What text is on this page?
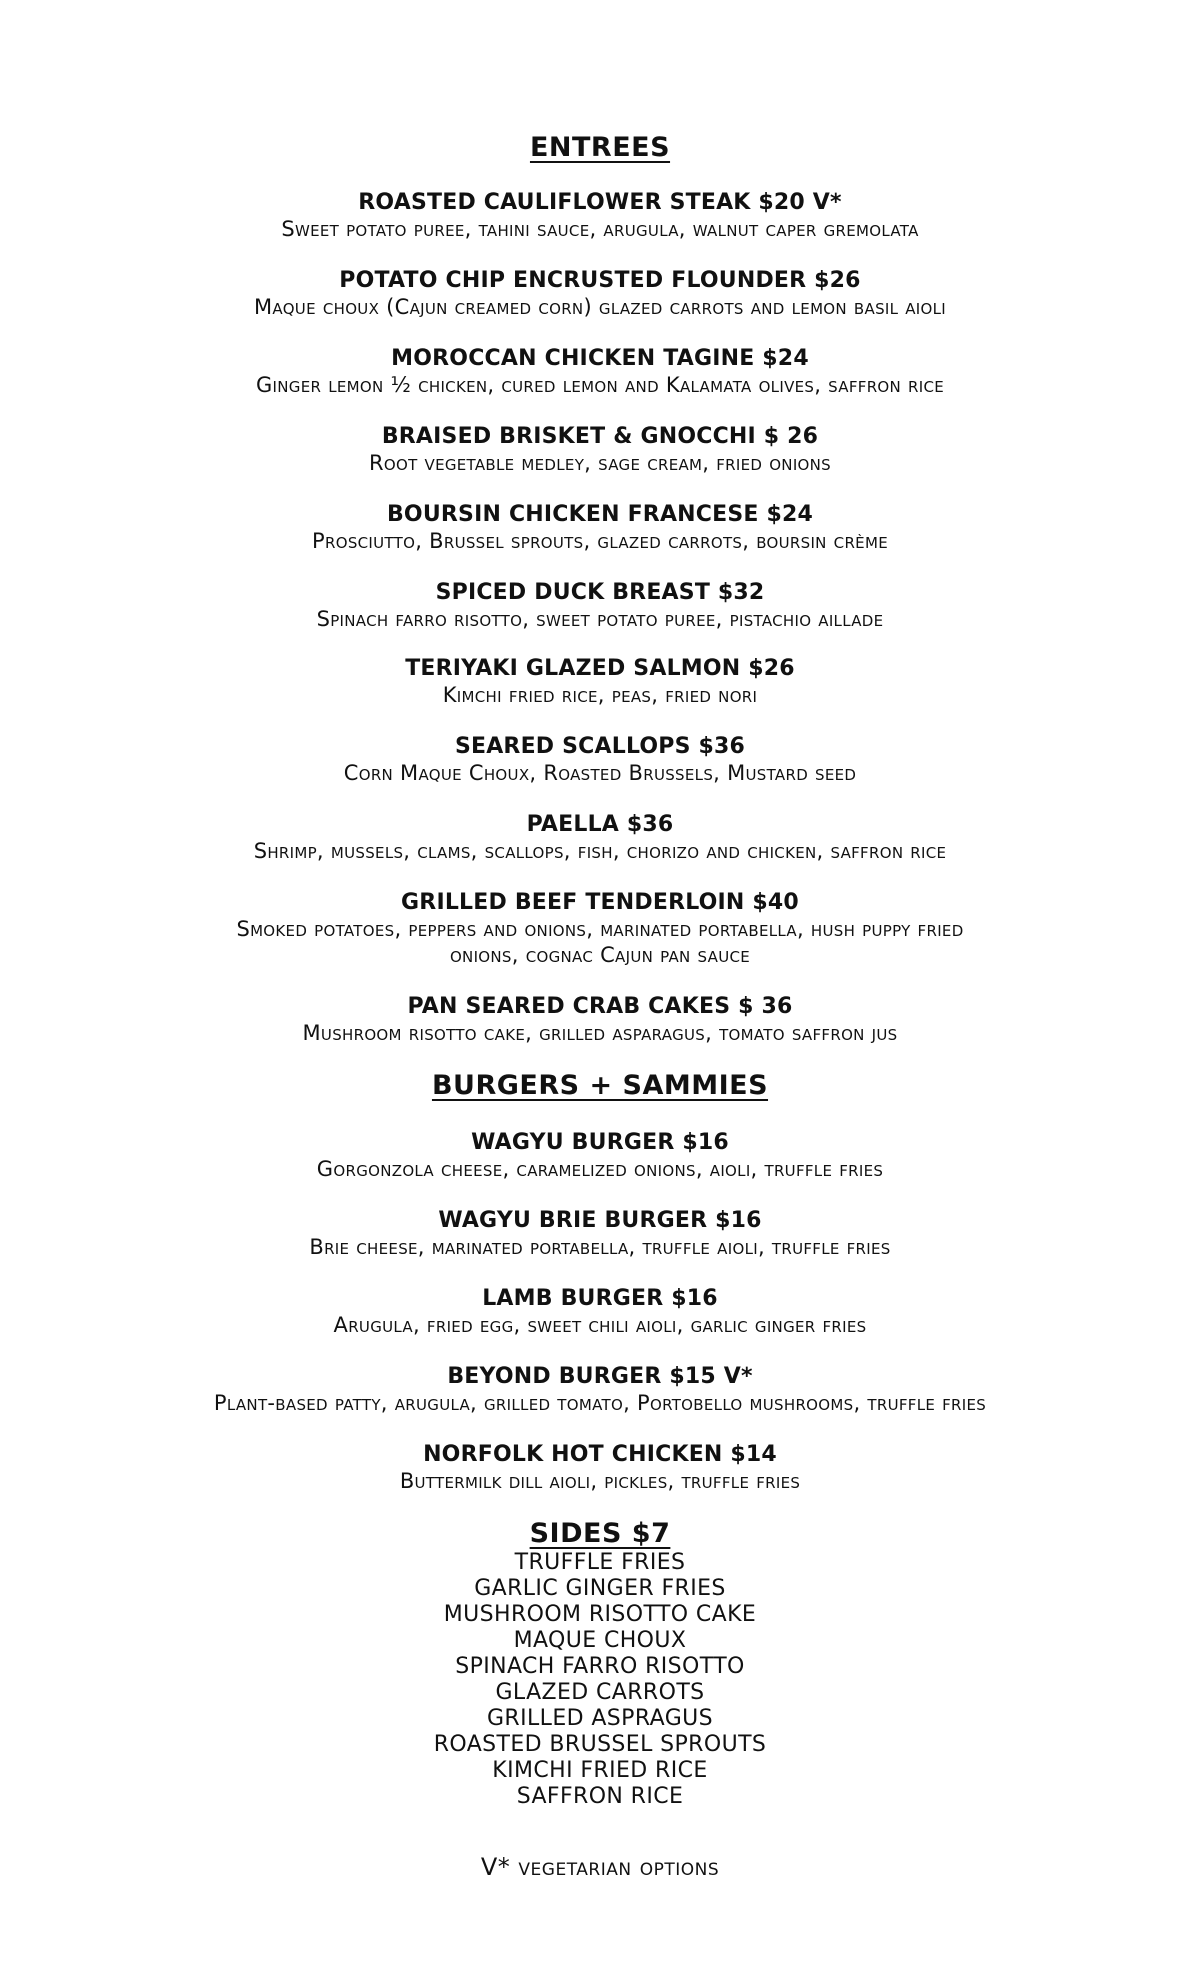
ENTREES
ROASTED CAULIFLOWER STEAK $20 V*
Sweet potato puree, tahini sauce, arugula, walnut caper gremolata
POTATO CHIP ENCRUSTED FLOUNDER $26
Maque choux (Cajun creamed corn) glazed carrots and lemon basil aioli
MOROCCAN CHICKEN TAGINE $24
Ginger lemon ½ chicken, cured lemon and Kalamata olives, saffron rice
BRAISED BRISKET & GNOCCHI $ 26
Root vegetable medley, sage cream, fried onions
BOURSIN CHICKEN FRANCESE $24
Prosciutto, Brussel sprouts, glazed carrots, boursin crème
SPICED DUCK BREAST $32
Spinach farro risotto, sweet potato puree, pistachio aillade
TERIYAKI GLAZED SALMON $26
Kimchi fried rice, peas, fried nori
SEARED SCALLOPS $36
Corn Maque Choux, Roasted Brussels, Mustard seed
PAELLA $36
Shrimp, mussels, clams, scallops, fish, chorizo and chicken, saffron rice
GRILLED BEEF TENDERLOIN $40
Smoked potatoes, peppers and onions, marinated portabella, hush puppy fried
onions, cognac Cajun pan sauce
PAN SEARED CRAB CAKES $ 36
Mushroom risotto cake, grilled asparagus, tomato saffron jus
BURGERS + SAMMIES
WAGYU BURGER $16
Gorgonzola cheese, caramelized onions, aioli, truffle fries
WAGYU BRIE BURGER $16
Brie cheese, marinated portabella, truffle aioli, truffle fries
LAMB BURGER $16
Arugula, fried egg, sweet chili aioli, garlic ginger fries
BEYOND BURGER $15 V*
Plant-based patty, arugula, grilled tomato, Portobello mushrooms, truffle fries
NORFOLK HOT CHICKEN $14
Buttermilk dill aioli, pickles, truffle fries
SIDES $7
TRUFFLE FRIES
GARLIC GINGER FRIES
MUSHROOM RISOTTO CAKE
MAQUE CHOUX
SPINACH FARRO RISOTTO
GLAZED CARROTS
GRILLED ASPRAGUS
ROASTED BRUSSEL SPROUTS
KIMCHI FRIED RICE
SAFFRON RICE
V* vegetarian options
